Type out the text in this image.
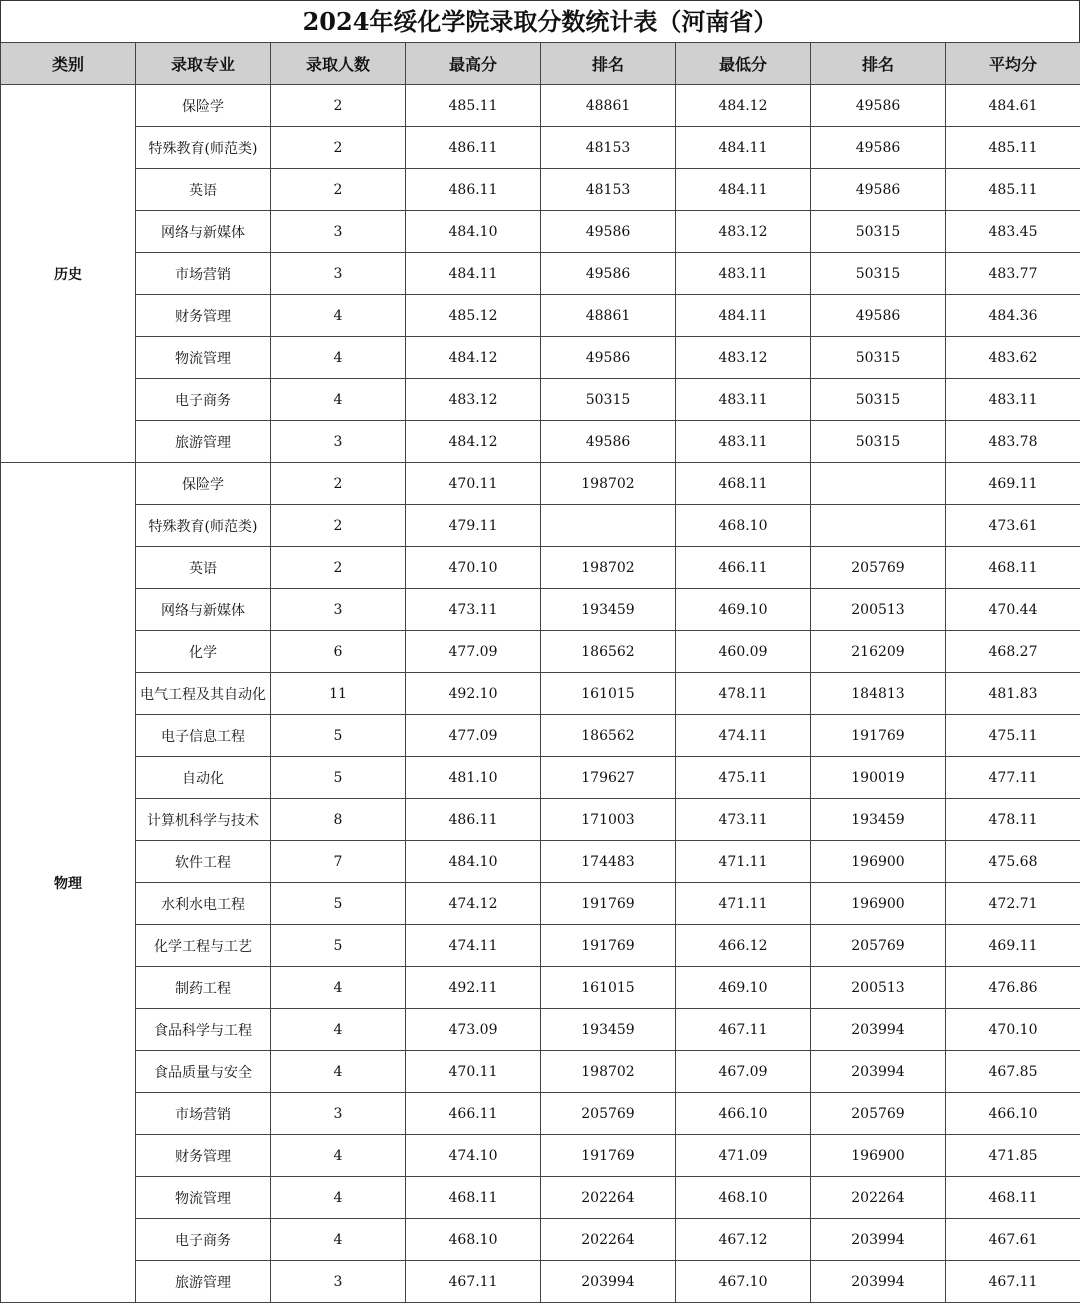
2024年绥化学院录取分数统计表（河南省）
类别	录取专业	录取人数	最高分	排名	最低分	排名	平均分
历史	保险学	2	485.11	48861	484.12	49586	484.61
	特殊教育(师范类)	2	486.11	48153	484.11	49586	485.11
	英语	2	486.11	48153	484.11	49586	485.11
	网络与新媒体	3	484.10	49586	483.12	50315	483.45
	市场营销	3	484.11	49586	483.11	50315	483.77
	财务管理	4	485.12	48861	484.11	49586	484.36
	物流管理	4	484.12	49586	483.12	50315	483.62
	电子商务	4	483.12	50315	483.11	50315	483.11
	旅游管理	3	484.12	49586	483.11	50315	483.78
物理	保险学	2	470.11	198702	468.11		469.11
	特殊教育(师范类)	2	479.11		468.10		473.61
	英语	2	470.10	198702	466.11	205769	468.11
	网络与新媒体	3	473.11	193459	469.10	200513	470.44
	化学	6	477.09	186562	460.09	216209	468.27
	电气工程及其自动化	11	492.10	161015	478.11	184813	481.83
	电子信息工程	5	477.09	186562	474.11	191769	475.11
	自动化	5	481.10	179627	475.11	190019	477.11
	计算机科学与技术	8	486.11	171003	473.11	193459	478.11
	软件工程	7	484.10	174483	471.11	196900	475.68
	水利水电工程	5	474.12	191769	471.11	196900	472.71
	化学工程与工艺	5	474.11	191769	466.12	205769	469.11
	制药工程	4	492.11	161015	469.10	200513	476.86
	食品科学与工程	4	473.09	193459	467.11	203994	470.10
	食品质量与安全	4	470.11	198702	467.09	203994	467.85
	市场营销	3	466.11	205769	466.10	205769	466.10
	财务管理	4	474.10	191769	471.09	196900	471.85
	物流管理	4	468.11	202264	468.10	202264	468.11
	电子商务	4	468.10	202264	467.12	203994	467.61
	旅游管理	3	467.11	203994	467.10	203994	467.11
